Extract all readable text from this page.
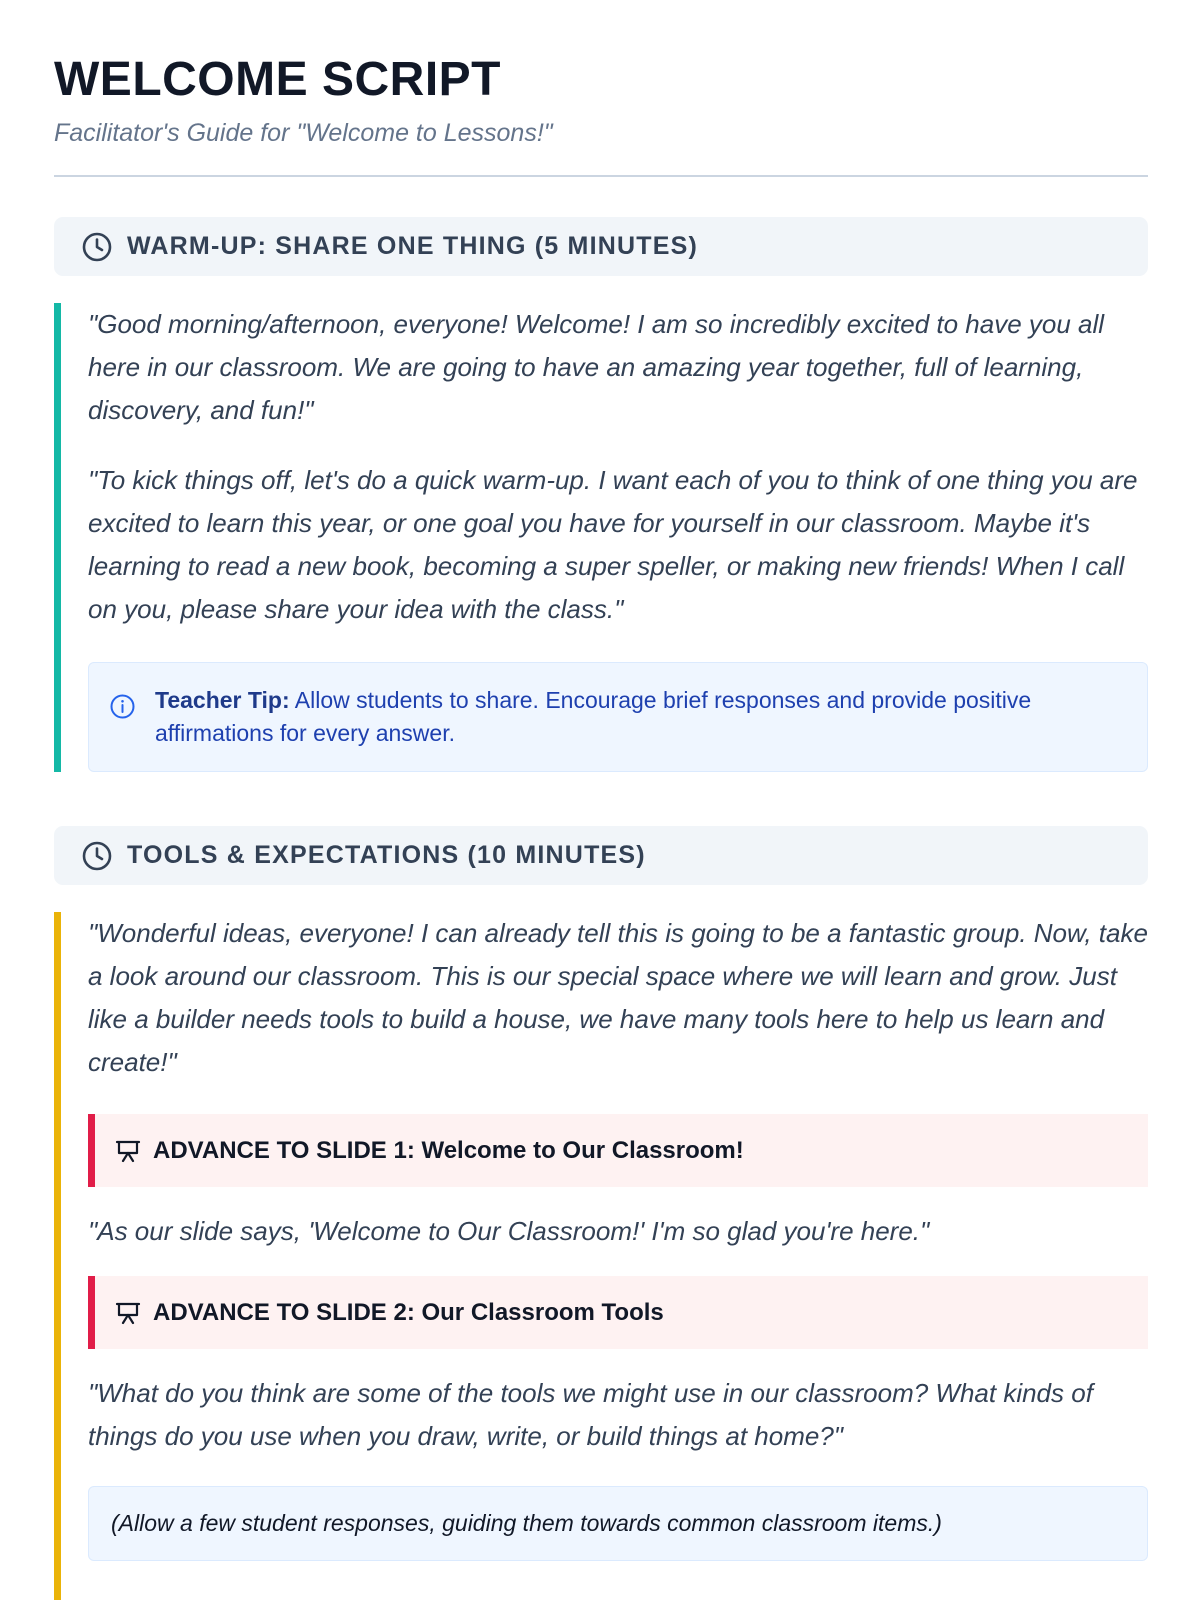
WELCOME SCRIPT
Facilitator's Guide for "Welcome to Lessons!"
WARM-UP: SHARE ONE THING (5 MINUTES)

"Good morning/afternoon, everyone! Welcome! I am so incredibly excited to have you all here in our classroom. We are going to have an amazing year together, full of learning, discovery, and fun!"

"To kick things off, let's do a quick warm-up. I want each of you to think of one thing you are excited to learn this year, or one goal you have for yourself in our classroom. Maybe it's learning to read a new book, becoming a super speller, or making new friends! When I call on you, please share your idea with the class."

Teacher Tip: Allow students to share. Encourage brief responses and provide positive affirmations for every answer.
TOOLS & EXPECTATIONS (10 MINUTES)

"Wonderful ideas, everyone! I can already tell this is going to be a fantastic group. Now, take a look around our classroom. This is our special space where we will learn and grow. Just like a builder needs tools to build a house, we have many tools here to help us learn and create!"

ADVANCE TO SLIDE 1: Welcome to Our Classroom!

"As our slide says, 'Welcome to Our Classroom!' I'm so glad you're here."

ADVANCE TO SLIDE 2: Our Classroom Tools

"What do you think are some of the tools we might use in our classroom? What kinds of things do you use when you draw, write, or build things at home?"

(Allow a few student responses, guiding them towards common classroom items.)
